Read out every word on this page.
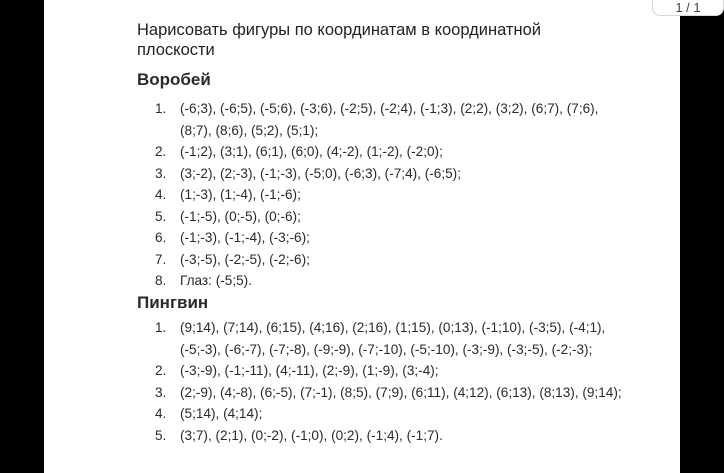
1 / 1
Нарисовать фигуры по координатам в координатной плоскости
Воробей
1.	(-6;3), (-6;5), (-5;6), (-3;6), (-2;5), (-2;4), (-1;3), (2;2), (3;2), (6;7), (7;6), (8;7), (8;6), (5;2), (5;1);
2.	(-1;2), (3;1), (6;1), (6;0), (4;-2), (1;-2), (-2;0);
3.	(3;-2), (2;-3), (-1;-3), (-5;0), (-6;3), (-7;4), (-6;5);
4.	(1;-3), (1;-4), (-1;-6);
5.	(-1;-5), (0;-5), (0;-6);
6.	(-1;-3), (-1;-4), (-3;-6);
7.	(-3;-5), (-2;-5), (-2;-6);
8.	Глаз: (-5;5).
Пингвин
1.	(9;14), (7;14), (6;15), (4;16), (2;16), (1;15), (0;13), (-1;10), (-3;5), (-4;1), (-5;-3), (-6;-7), (-7;-8), (-9;-9), (-7;-10), (-5;-10), (-3;-9), (-3;-5), (-2;-3);
2.	(-3;-9), (-1;-11), (4;-11), (2;-9), (1;-9), (3;-4);
3.	(2;-9), (4;-8), (6;-5), (7;-1), (8;5), (7;9), (6;11), (4;12), (6;13), (8;13), (9;14);
4.	(5;14), (4;14);
5.	(3;7), (2;1), (0;-2), (-1;0), (0;2), (-1;4), (-1;7).
